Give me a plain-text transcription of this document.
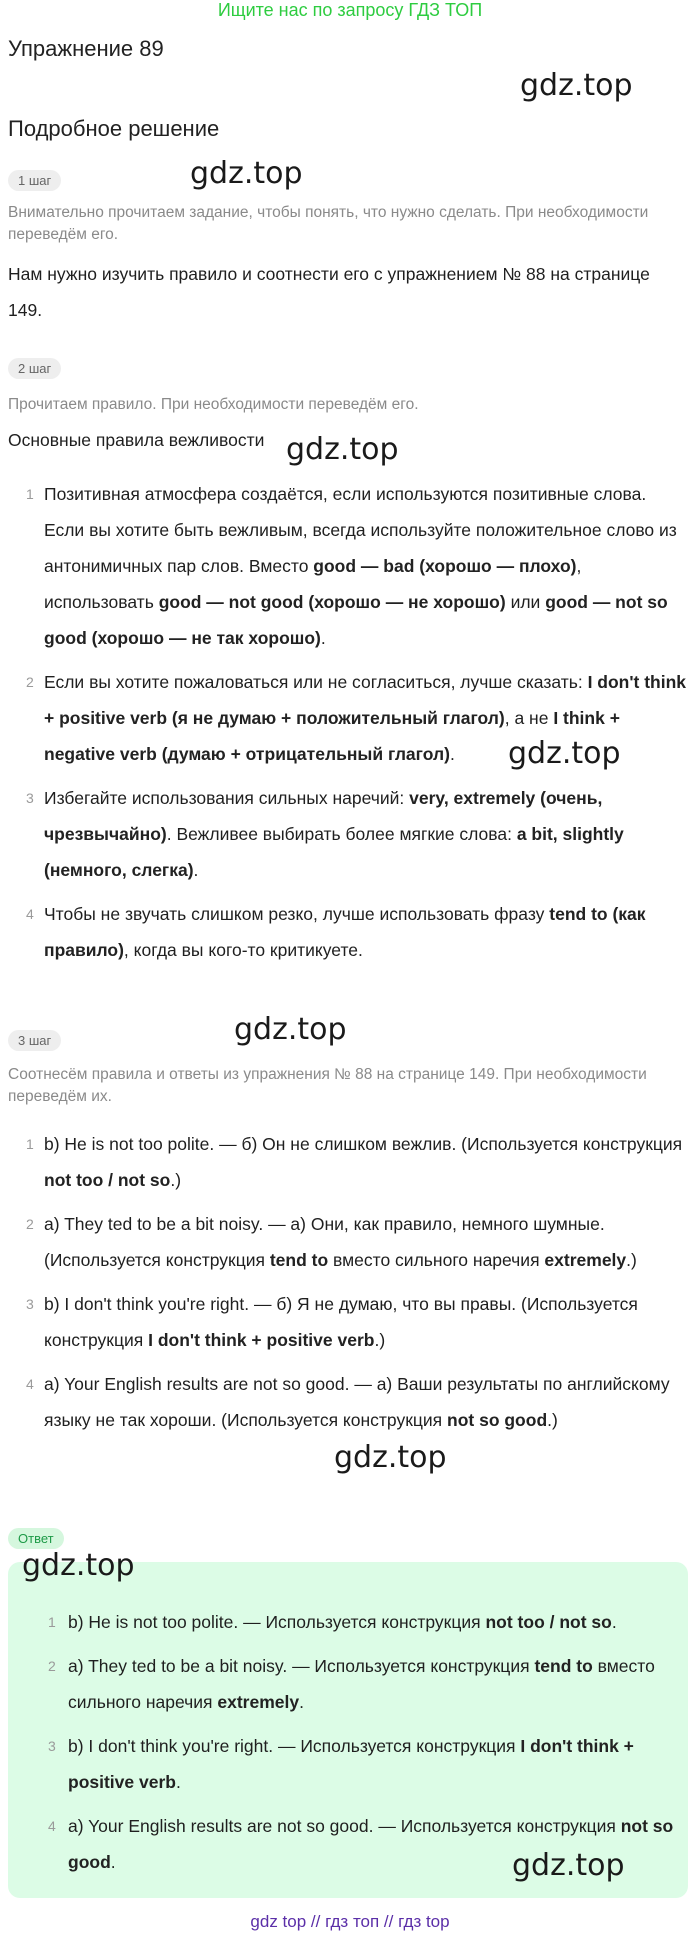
Ищите нас по запросу ГДЗ ТОП
Упражнение 89
Подробное решение
gdz.top
gdz.top
gdz.top
gdz.top
gdz.top
gdz.top
gdz.top
gdz.top
1 шаг
Внимательно прочитаем задание, чтобы понять, что нужно сделать. При необходимости переведём его.
Нам нужно изучить правило и соотнести его с упражнением № 88 на странице 149.
2 шаг
Прочитаем правило. При необходимости переведём его.
Основные правила вежливости
1 Позитивная атмосфера создаётся, если используются позитивные слова. Если вы хотите быть вежливым, всегда используйте положительное слово из антонимичных пар слов. Вместо good — bad (хорошо — плохо), использовать good — not good (хорошо — не хорошо) или good — not so good (хорошо — не так хорошо).
2 Если вы хотите пожаловаться или не согласиться, лучше сказать: I don't think + positive verb (я не думаю + положительный глагол), а не I think + negative verb (думаю + отрицательный глагол).
3 Избегайте использования сильных наречий: very, extremely (очень, чрезвычайно). Вежливее выбирать более мягкие слова: a bit, slightly (немного, слегка).
4 Чтобы не звучать слишком резко, лучше использовать фразу tend to (как правило), когда вы кого-то критикуете.
3 шаг
Соотнесём правила и ответы из упражнения № 88 на странице 149. При необходимости переведём их.
1 b) He is not too polite. — б) Он не слишком вежлив. (Используется конструкция not too / not so.)
2 a) They ted to be a bit noisy. — а) Они, как правило, немного шумные. (Используется конструкция tend to вместо сильного наречия extremely.)
3 b) I don't think you're right. — б) Я не думаю, что вы правы. (Используется конструкция I don't think + positive verb.)
4 a) Your English results are not so good. — а) Ваши результаты по английскому языку не так хороши. (Используется конструкция not so good.)
Ответ
1 b) He is not too polite. — Используется конструкция not too / not so.
2 a) They ted to be a bit noisy. — Используется конструкция tend to вместо сильного наречия extremely.
3 b) I don't think you're right. — Используется конструкция I don't think + positive verb.
4 a) Your English results are not so good. — Используется конструкция not so good.
gdz top // гдз топ // гдз top
